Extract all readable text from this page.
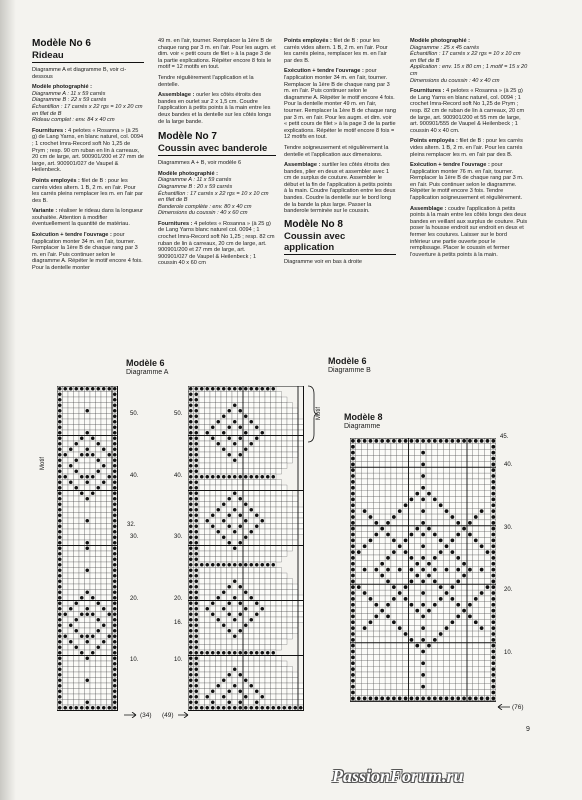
Modèle No 6
Rideau
Diagramme A et diagramme B, voir ci-dessous
Modèle photographié :
Diagramme A : 11 x 59 carrés
Diagramme B : 22 x 59 carrés
Échantillon : 17 carrés x 22 rgs = 10 x 20 cm en filet de B
Rideau complet : env. 84 x 40 cm
Fournitures : 4 pelotes « Rosanna » (à 25 g) de Lang Yarns, en blanc naturel, col. 0094 ; 1 crochet Imra-Record soft No 1,25 de Prym ; resp. 90 cm ruban en lin à carreaux, 20 cm de large, art. 900901/200 et 27 mm de large, art. 900901/027 de Vaupel & Heilenbeck.
Points employés : filet de B : pour les carrés vides altern. 1 B, 2 m. en l'air. Pour les carrés pleins remplacer les m. en l'air par des B.
Variante : réaliser le rideau dans la longueur souhaitée. Attention à modifier éventuellement la quantité de matériau.
Exécution + tendre l'ouvrage : pour l'application monter 34 m. en l'air, tourner. Remplacer la 1ère B de chaque rang par 3 m. en l'air. Puis continuer selon le diagramme A. Répéter le motif encore 4 fois. Pour la dentelle monter
49 m. en l'air, tourner. Remplacer la 1ère B de chaque rang par 3 m. en l'air. Pour les augm. et dim. voir « petit cours de filet » à la page 3 de la partie explications. Répéter encore 8 fois le motif = 12 motifs en tout.
Tendre régulièrement l'application et la dentelle.
Assemblage : ourler les côtés étroits des bandes en ourlet sur 2 x 1,5 cm. Coudre l'application à petits points à la main entre les deux bandes et la dentelle sur les côtés longs de la large bande.
Modèle No 7
Coussin avec banderole
Diagrammes A + B, voir modèle 6
Modèle photographié :
Diagramme A : 11 x 59 carrés
Diagramme B : 20 x 59 carrés
Échantillon : 17 carrés x 22 rgs = 10 x 10 cm en filet de B
Banderole complète : env. 80 x 40 cm
Dimensions du coussin : 40 x 60 cm
Fournitures : 4 pelotes « Rosanna » (à 25 g) de Lang Yarns blanc naturel col. 0094 ; 1 crochet Imra-Record soft No 1,25 ; resp. 82 cm ruban de lin à carreaux, 20 cm de large, art. 900901/200 et 27 mm de large, art. 900901/027 de Vaupel & Heilenbeck ; 1 coussin 40 x 60 cm
Points employés : filet de B : pour les carrés vides altern. 1 B, 2 m. en l'air. Pour les carrés pleins, remplacer les m. en l'air par des B.
Exécution + tendre l'ouvrage : pour l'application monter 34 m. en l'air, tourner. Remplacer la 1ère B de chaque rang par 3 m. en l'air. Puis continuer selon le diagramme A. Répéter le motif encore 4 fois. Pour la dentelle monter 49 m. en l'air, tourner. Remplacer la 1ère B de chaque rang par 3 m. en l'air. Pour les augm. et dim. voir « petit cours de filet » à la page 3 de la partie explications. Répéter le motif encore 8 fois = 12 motifs en tout.
Tendre soigneusement et régulièrement la dentelle et l'application aux dimensions.
Assemblage : surtiler les côtés étroits des bandes, plier en deux et assembler avec 1 cm de surplus de couture. Assembler le début et la fin de l'application à petits points à la main. Coudre l'application entre les deux bandes. Coudre la dentelle sur le bord long de la bande la plus large. Passer la banderole terminée sur le coussin.
Modèle No 8
Coussin avec application
Diagramme voir en bas à droite
Modèle photographié :
Diagramme : 25 x 45 carrés
Échantillon : 17 carrés x 22 rgs = 10 x 10 cm en filet de B
Application : env. 15 x 80 cm ; 1 motif = 15 x 20 cm
Dimensions du coussin : 40 x 40 cm
Fournitures : 4 pelotes « Rosanna » (à 25 g) de Lang Yarns en blanc naturel, col. 0094 ; 1 crochet Imra-Record soft No 1,25 de Prym ; resp. 82 cm de ruban de lin à carreaux, 20 cm de large, art. 900901/200 et 55 mm de large, art. 900901/555 de Vaupel & Heilenbeck ; 1 coussin 40 x 40 cm.
Points employés : filet de B : pour les carrés vides altern. 1 B, 2 m. en l'air. Pour les carrés pleins remplacer les m. en l'air par des B.
Exécution + tendre l'ouvrage : pour l'application monter 76 m. en l'air, tourner. Remplacer la 1ère B de chaque rang par 3 m. en l'air. Puis continuer selon le diagramme. Répéter le motif encore 3 fois. Tendre l'application soigneusement et régulièrement.
Assemblage : coudre l'application à petits points à la main entre les côtés longs des deux bandes en veillant aux surplus de couture. Puis poser la housse endroit sur endroit en deux et fermer les coutures. Laisser sur le bord inférieur une partie ouverte pour le remplissage. Placer le coussin et fermer l'ouverture à petits points à la main.
Modèle 6
Diagramme A
Modèle 6
Diagramme B
Modèle 8
Diagramme
Motif
Motif
50.
40.
32.
30.
20.
10.
50.
40.
30.
20.
16.
10.
45.
40.
30.
20.
10.
(34) (49)
(76)
9
PassionForum.ru
